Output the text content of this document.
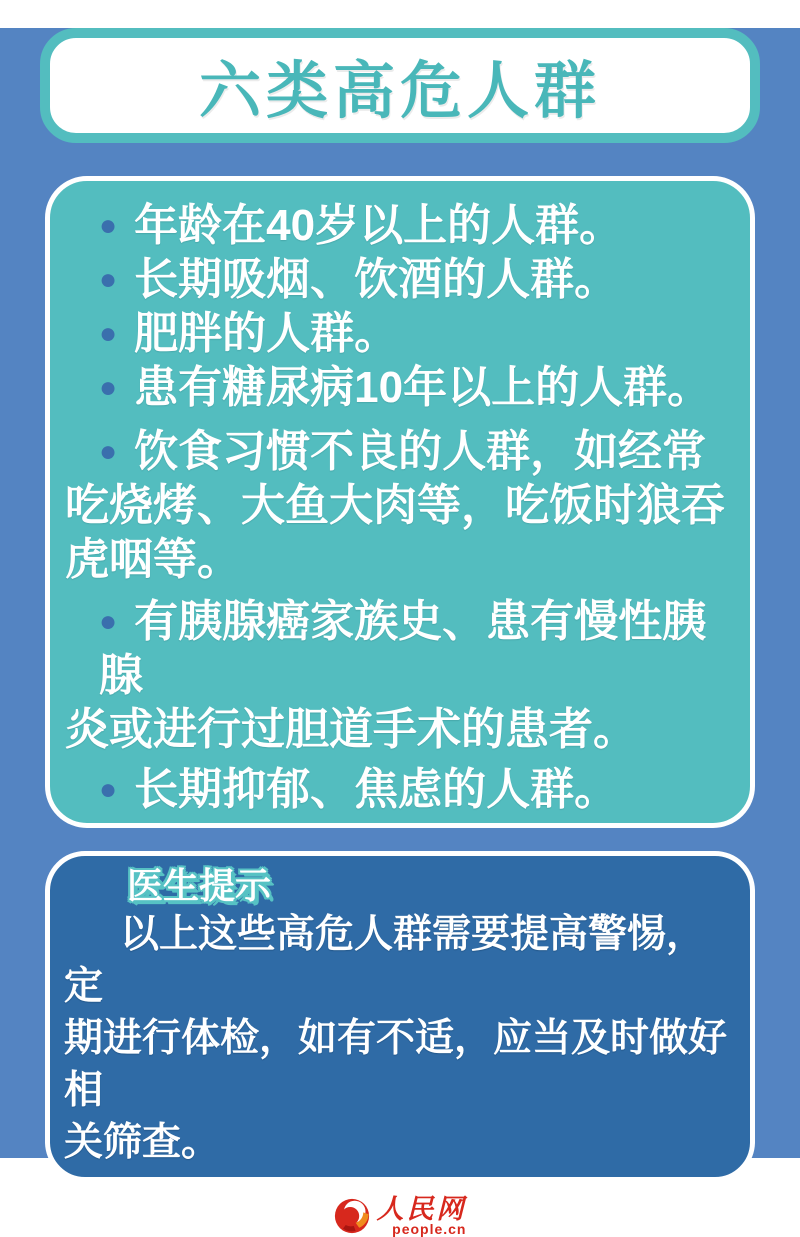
六类高危人群

● 年龄在40岁以上的人群。

● 长期吸烟、饮酒的人群。

● 肥胖的人群。

● 患有糖尿病10年以上的人群。

● 饮食习惯不良的人群，如经常
吃烧烤、大鱼大肉等，吃饭时狼吞
虎咽等。

● 有胰腺癌家族史、患有慢性胰腺
炎或进行过胆道手术的患者。

● 长期抑郁、焦虑的人群。

医生提示
以上这些高危人群需要提高警惕，定
期进行体检，如有不适，应当及时做好相
关筛查。
人民网
people.cn
